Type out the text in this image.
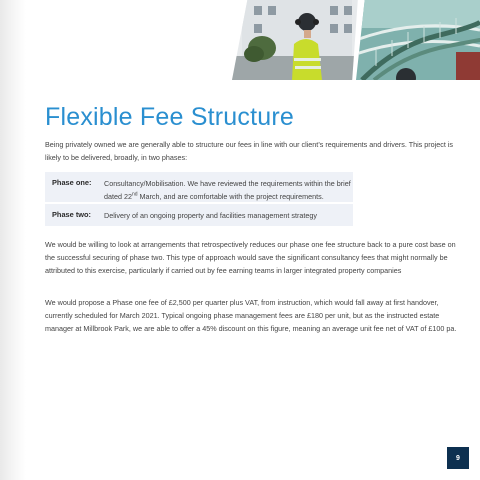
Flexible Fee Structure

Being privately owned we are generally able to structure our fees in line with our client’s requirements and drivers. This project is likely to be delivered, broadly, in two phases:

Phase one:	Consultancy/Mobilisation. We have reviewed the requirements within the brief dated 22nd March, and are comfortable with the project requirements.
Phase two:	Delivery of an ongoing property and facilities management strategy

We would be willing to look at arrangements that retrospectively reduces our phase one fee structure back to a pure cost base on the successful securing of phase two. This type of approach would save the significant consultancy fees that might normally be attributed to this exercise, particularly if carried out by fee earning teams in larger integrated property companies

We would propose a Phase one fee of £2,500 per quarter plus VAT, from instruction, which would fall away at first handover, currently scheduled for March 2021. Typical ongoing phase management fees are £180 per unit, but as the instructed estate manager at Millbrook Park, we are able to offer a 45% discount on this figure, meaning an average unit fee net of VAT of £100 pa.

9
